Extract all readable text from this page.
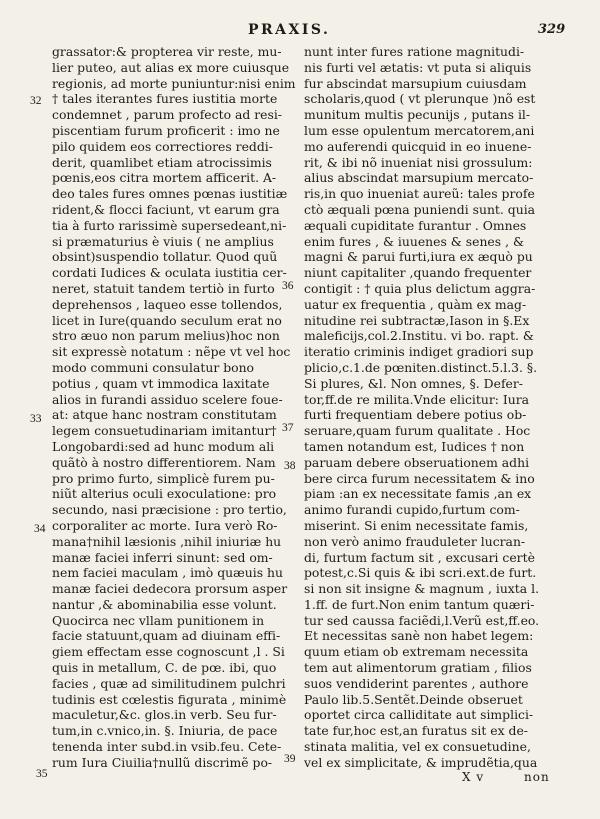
PRAXIS.	329
grassator:& propterea vir reste, mu-
lier puteo, aut alias ex more cuiusque
regionis, ad morte puniuntur:nisi enim
† tales iterantes fures iustitia morte
condemnet , parum profecto ad resi-
piscentiam furum proficerit : imo ne
pilo quidem eos correctiores reddi-
derit, quamlibet etiam atrocissimis
pœnis,eos citra mortem afficerit. A-
deo tales fures omnes pœnas iustitiæ
rident,& flocci faciunt, vt earum gra
tia à furto rarissimè supersedeant,ni-
si præmaturius è viuis ( ne amplius
obsint)suspendio tollatur. Quod quũ
cordati Iudices & oculata iustitia cer-
neret, statuit tandem tertiò in furto
deprehensos , laqueo esse tollendos,
licet in Iure(quando seculum erat no
stro æuo non parum melius)hoc non
sit expressè notatum : nẽpe vt vel hoc
modo communi consulatur bono
potius , quam vt immodica laxitate
alios in furandi assiduo scelere foue-
at: atque hanc nostram constitutam
legem consuetudinariam imitantur†
Longobardi:sed ad hunc modum ali
quãtò à nostro differentiorem. Nam
pro primo furto, simplicè furem pu-
niũt alterius oculi exoculatione: pro
secundo, nasi præcisione : pro tertio,
corporaliter ac morte. Iura verò Ro-
mana†nihil læsionis ,nihil iniuriæ hu
manæ faciei inferri sinunt: sed om-
nem faciei maculam , imò quæuis hu
manæ faciei dedecora prorsum asper
nantur ,& abominabilia esse volunt.
Quocirca nec vllam punitionem in
facie statuunt,quam ad diuinam effi-
giem effectam esse cognoscunt ,l . Si
quis in metallum, C. de pœ. ibi, quo
facies , quæ ad similitudinem pulchri
tudinis est cœlestis figurata , minimè
maculetur,&c. glos.in verb. Seu fur-
tum,in c.vnico,in. §. Iniuria, de pace
tenenda inter subd.in vsib.feu. Cete-
rum Iura Ciuilia†nullũ discrimẽ po-
nunt inter fures ratione magnitudi-
nis furti vel ætatis: vt puta si aliquis
fur abscindat marsupium cuiusdam
scholaris,quod ( vt plerunque )nõ est
munitum multis pecunijs , putans il-
lum esse opulentum mercatorem,ani
mo auferendi quicquid in eo inuene-
rit, & ibi nõ inueniat nisi grossulum:
alius abscindat marsupium mercato-
ris,in quo inueniat aureũ: tales profe
ctò æquali pœna puniendi sunt. quia
æquali cupiditate furantur . Omnes
enim fures , & iuuenes & senes , &
magni & parui furti,iura ex æquò pu
niunt capitaliter ,quando frequenter
contigit : † quia plus delictum aggra-
uatur ex frequentia , quàm ex mag-
nitudine rei subtractæ,Iason in §.Ex
maleficijs,col.2.Institu. vi bo. rapt. &
iteratio criminis indiget gradiori sup
plicio,c.1.de pœniten.distinct.5.l.3. §.
Si plures, &l. Non omnes, §. Defer-
tor,ff.de re milita.Vnde elicitur: Iura
furti frequentiam debere potius ob-
seruare,quam furum qualitate . Hoc
tamen notandum est, Iudices † non
paruam debere obseruationem adhi
bere circa furum necessitatem & ino
piam :an ex necessitate famis ,an ex
animo furandi cupido,furtum com-
miserint. Si enim necessitate famis,
non verò animo frauduleter lucran-
di, furtum factum sit , excusari certè
potest,c.Si quis & ibi scri.ext.de furt.
si non sit insigne & magnum , iuxta l.
1.ff. de furt.Non enim tantum quæri-
tur sed caussa faciẽdi,l.Verũ est,ff.eo.
Et necessitas sanè non habet legem:
quum etiam ob extremam necessita
tem aut alimentorum gratiam , filios
suos vendiderint parentes , authore
Paulo lib.5.Sentẽt.Deinde obseruet
oportet circa calliditate aut simplici-
tate fur,hoc est,an furatus sit ex de-
stinata malitia, vel ex consuetudine,
vel ex simplicitate, & imprudẽtia,qua
32
33
34
35
36
37
38
39
X v	non
